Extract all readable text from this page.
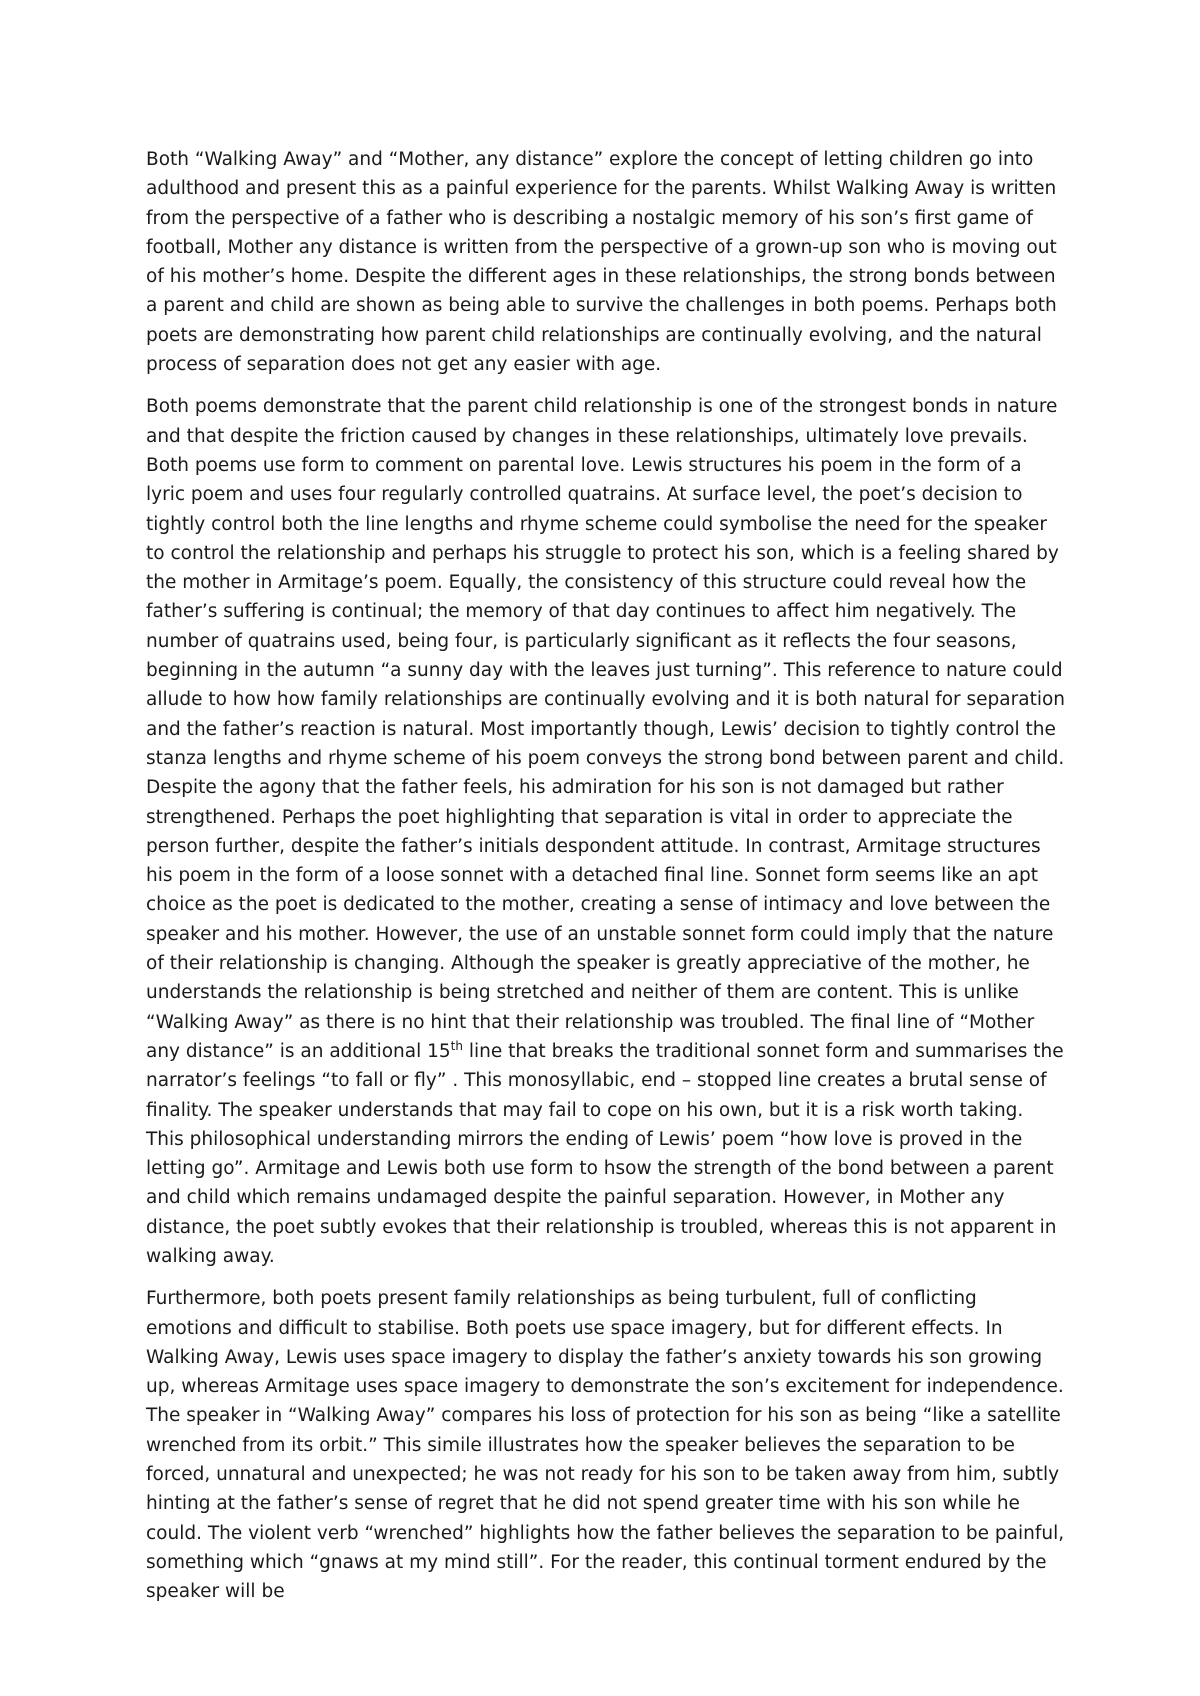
Both “Walking Away” and “Mother, any distance” explore the concept of letting children go into adulthood and present this as a painful experience for the parents. Whilst Walking Away is written from the perspective of a father who is describing a nostalgic memory of his son’s first game of football, Mother any distance is written from the perspective of a grown-up son who is moving out of his mother’s home. Despite the different ages in these relationships, the strong bonds between a parent and child are shown as being able to survive the challenges in both poems. Perhaps both poets are demonstrating how parent child relationships are continually evolving, and the natural process of separation does not get any easier with age.

Both poems demonstrate that the parent child relationship is one of the strongest bonds in nature and that despite the friction caused by changes in these relationships, ultimately love prevails. Both poems use form to comment on parental love. Lewis structures his poem in the form of a lyric poem and uses four regularly controlled quatrains. At surface level, the poet’s decision to tightly control both the line lengths and rhyme scheme could symbolise the need for the speaker to control the relationship and perhaps his struggle to protect his son, which is a feeling shared by the mother in Armitage’s poem. Equally, the consistency of this structure could reveal how the father’s suffering is continual; the memory of that day continues to affect him negatively. The number of quatrains used, being four, is particularly significant as it reflects the four seasons, beginning in the autumn “a sunny day with the leaves just turning”. This reference to nature could allude to how how family relationships are continually evolving and it is both natural for separation and the father’s reaction is natural. Most importantly though, Lewis’ decision to tightly control the stanza lengths and rhyme scheme of his poem conveys the strong bond between parent and child. Despite the agony that the father feels, his admiration for his son is not damaged but rather strengthened. Perhaps the poet highlighting that separation is vital in order to appreciate the person further, despite the father’s initials despondent attitude. In contrast, Armitage structures his poem in the form of a loose sonnet with a detached final line. Sonnet form seems like an apt choice as the poet is dedicated to the mother, creating a sense of intimacy and love between the speaker and his mother. However, the use of an unstable sonnet form could imply that the nature of their relationship is changing. Although the speaker is greatly appreciative of the mother, he understands the relationship is being stretched and neither of them are content. This is unlike “Walking Away” as there is no hint that their relationship was troubled. The final line of “Mother any distance” is an additional 15th line that breaks the traditional sonnet form and summarises the narrator’s feelings “to fall or fly” . This monosyllabic, end – stopped line creates a brutal sense of finality. The speaker understands that may fail to cope on his own, but it is a risk worth taking. This philosophical understanding mirrors the ending of Lewis’ poem “how love is proved in the letting go”. Armitage and Lewis both use form to hsow the strength of the bond between a parent and child which remains undamaged despite the painful separation. However, in Mother any distance, the poet subtly evokes that their relationship is troubled, whereas this is not apparent in walking away.

Furthermore, both poets present family relationships as being turbulent, full of conflicting emotions and difficult to stabilise. Both poets use space imagery, but for different effects. In Walking Away, Lewis uses space imagery to display the father’s anxiety towards his son growing up, whereas Armitage uses space imagery to demonstrate the son’s excitement for independence. The speaker in “Walking Away” compares his loss of protection for his son as being “like a satellite wrenched from its orbit.” This simile illustrates how the speaker believes the separation to be forced, unnatural and unexpected; he was not ready for his son to be taken away from him, subtly hinting at the father’s sense of regret that he did not spend greater time with his son while he could. The violent verb “wrenched” highlights how the father believes the separation to be painful, something which “gnaws at my mind still”. For the reader, this continual torment endured by the speaker will be
